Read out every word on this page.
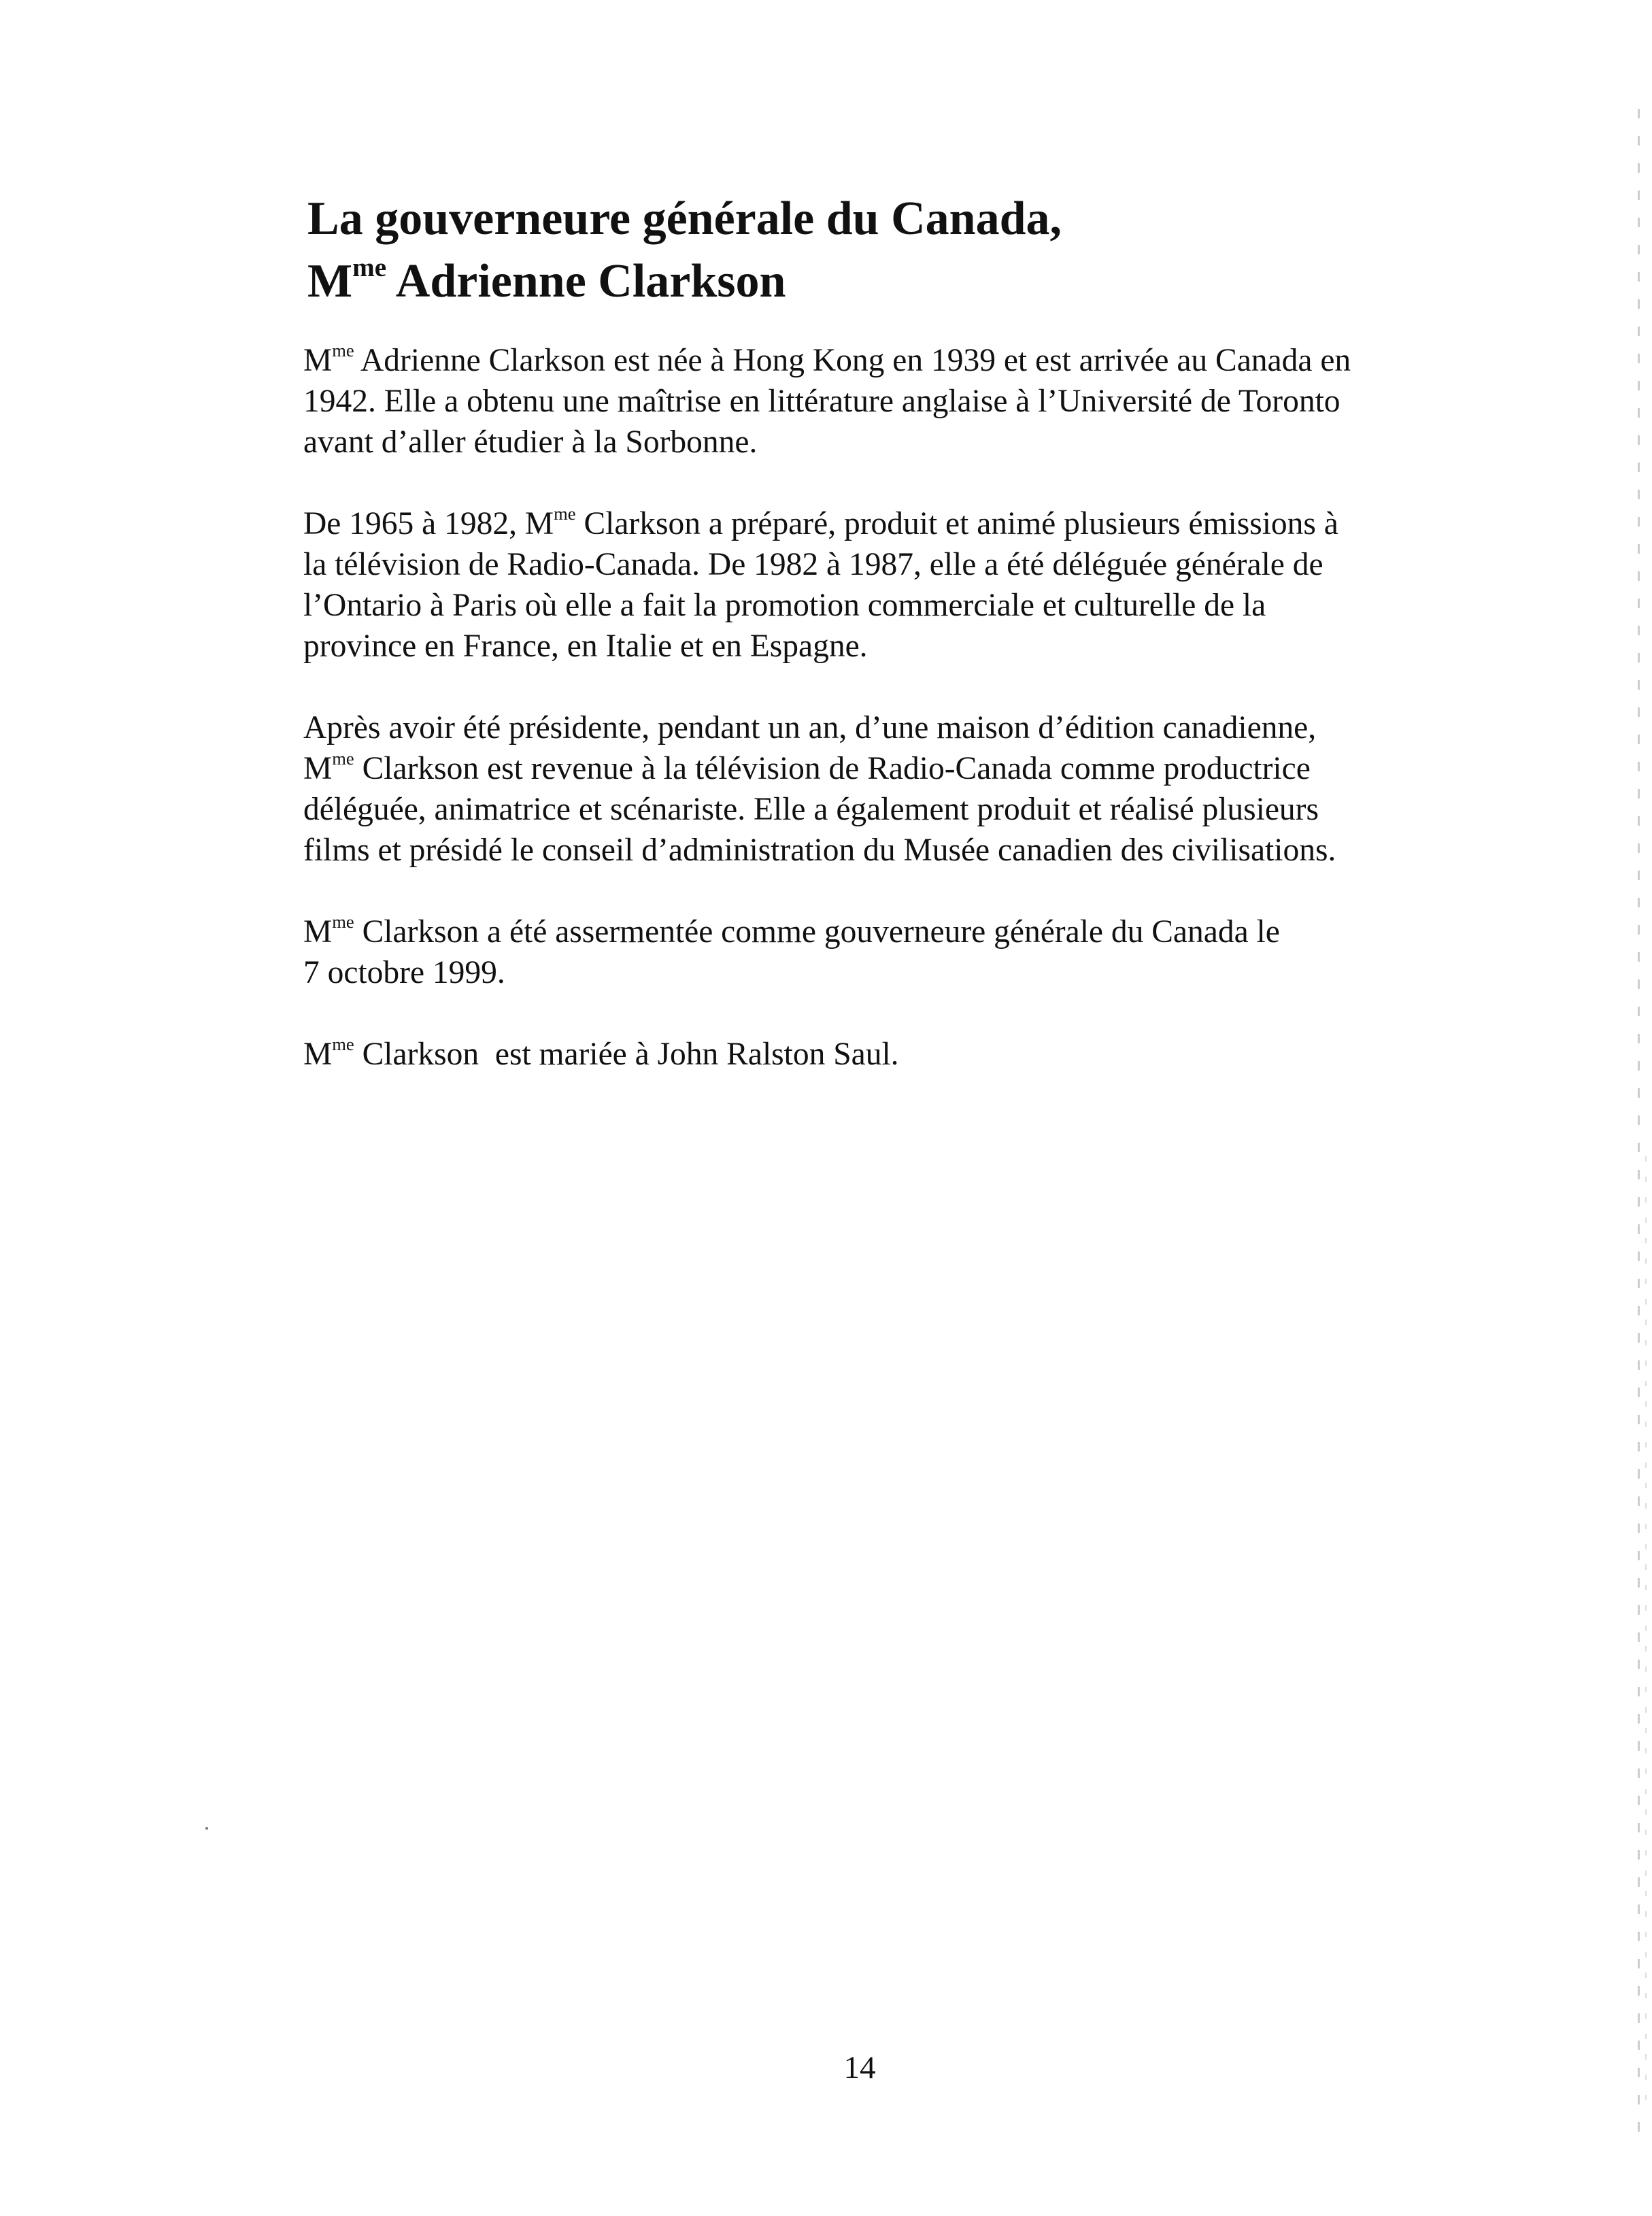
La gouverneure générale du Canada,
$M^{me}$ Adrienne Clarkson

$M^{me}$ Adrienne Clarkson est née à Hong Kong en 1939 et est arrivée au Canada en
1942. Elle a obtenu une maîtrise en littérature anglaise à l’Université de Toronto
avant d’aller étudier à la Sorbonne.

De 1965 à 1982, $M^{me}$ Clarkson a préparé, produit et animé plusieurs émissions à
la télévision de Radio-Canada. De 1982 à 1987, elle a été déléguée générale de
l’Ontario à Paris où elle a fait la promotion commerciale et culturelle de la
province en France, en Italie et en Espagne.

Après avoir été présidente, pendant un an, d’une maison d’édition canadienne,
$M^{me}$ Clarkson est revenue à la télévision de Radio-Canada comme productrice
déléguée, animatrice et scénariste. Elle a également produit et réalisé plusieurs
films et présidé le conseil d’administration du Musée canadien des civilisations.

$M^{me}$ Clarkson a été assermentée comme gouverneure générale du Canada le
7 octobre 1999.

$M^{me}$ Clarkson  est mariée à John Ralston Saul.

14
